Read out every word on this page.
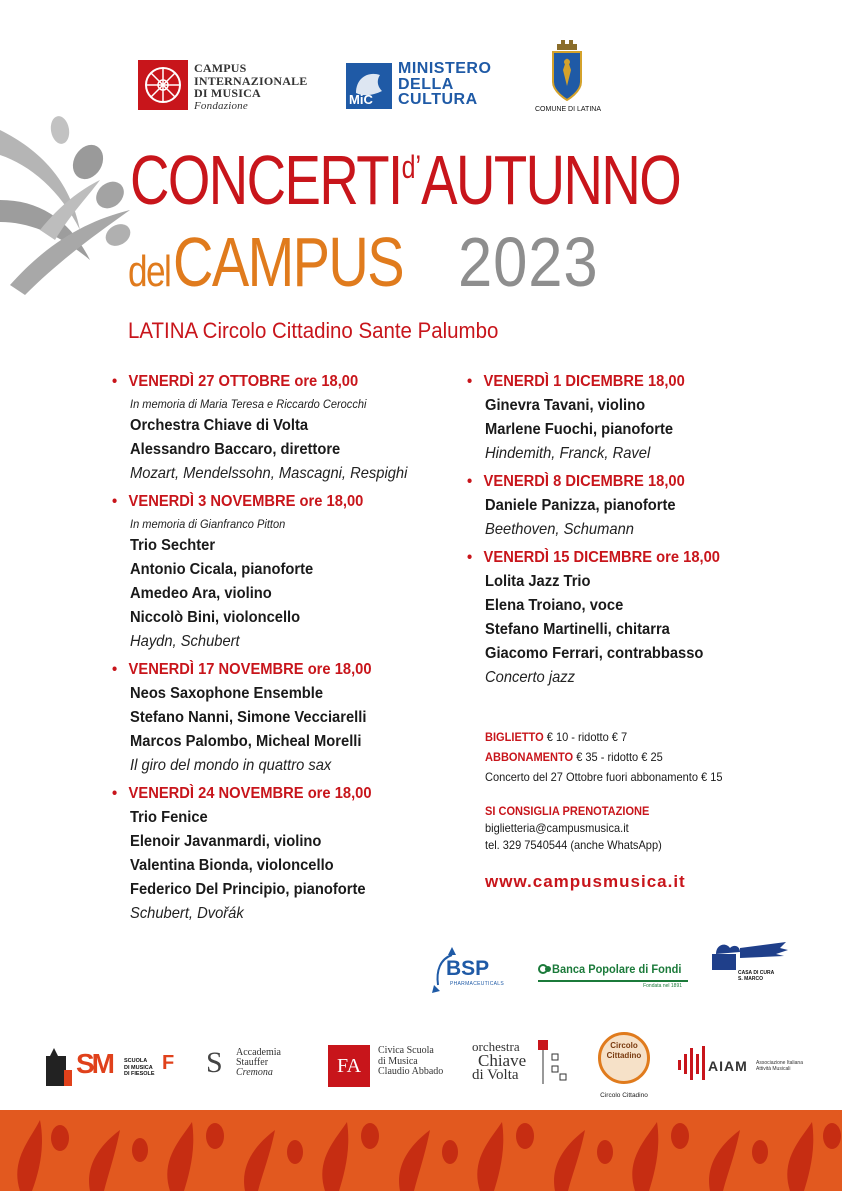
CAMPUS
INTERNAZIONALE
DI MUSICA
Fondazione	MiC
MINISTERO
DELLA
CULTURA
COMUNE DI LATINA
$CONCERTI^{d’}AUTUNNO$
del CAMPUS 2023
LATINA Circolo Cittadino Sante Palumbo
• VENERDÌ 27 OTTOBRE ore 18,00
In memoria di Maria Teresa e Riccardo Cerocchi
Orchestra Chiave di Volta
Alessandro Baccaro, direttore
Mozart, Mendelssohn, Mascagni, Respighi
• VENERDÌ 3 NOVEMBRE ore 18,00
In memoria di Gianfranco Pitton
Trio Sechter
Antonio Cicala, pianoforte
Amedeo Ara, violino
Niccolò Bini, violoncello
Haydn, Schubert
• VENERDÌ 17 NOVEMBRE ore 18,00
Neos Saxophone Ensemble
Stefano Nanni, Simone Vecciarelli
Marcos Palombo, Micheal Morelli
Il giro del mondo in quattro sax
• VENERDÌ 24 NOVEMBRE ore 18,00
Trio Fenice
Elenoir Javanmardi, violino
Valentina Bionda, violoncello
Federico Del Principio, pianoforte
Schubert, Dvořák
• VENERDÌ 1 DICEMBRE 18,00
Ginevra Tavani, violino
Marlene Fuochi, pianoforte
Hindemith, Franck, Ravel
• VENERDÌ 8 DICEMBRE 18,00
Daniele Panizza, pianoforte
Beethoven, Schumann
• VENERDÌ 15 DICEMBRE ore 18,00
Lolita Jazz Trio
Elena Troiano, voce
Stefano Martinelli, chitarra
Giacomo Ferrari, contrabbasso
Concerto jazz
BIGLIETTO € 10 - ridotto € 7
ABBONAMENTO € 35 - ridotto € 25
Concerto del 27 Ottobre fuori abbonamento € 15
SI CONSIGLIA PRENOTAZIONE
biglietteria@campusmusica.it
tel. 329 7540544 (anche WhatsApp)
www.campusmusica.it
BSP
PHARMACEUTICALS
Banca Popolare di Fondi
Fondata nel 1891
CASA DI CURA
S. MARCO
SM SCUOLA
DI MUSICA
DI FIESOLE F S Accademia
Stauffer
Cremona	FA
Civica Scuola
di Musica
Claudio Abbado
orchestra
Chiave
di Volta
Circolo
Cittadino
Circolo Cittadino
AIAM Associazione Italiana
Attività Musicali
